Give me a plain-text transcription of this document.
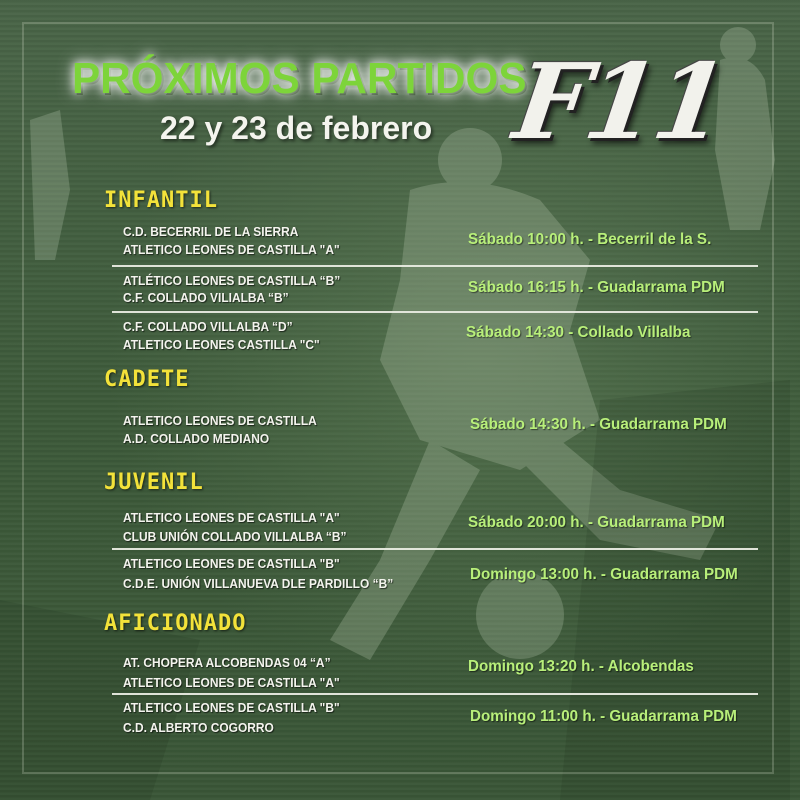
PRÓXIMOS PARTIDOS
22 y 23 de febrero F11
INFANTIL
C.D. BECERRIL DE LA SIERRA
ATLETICO LEONES DE CASTILLA "A"
Sábado 10:00 h. - Becerril de la S.
ATLÉTICO LEONES DE CASTILLA “B”
C.F. COLLADO VILIALBA “B”
Sábado 16:15 h. - Guadarrama PDM
C.F. COLLADO VILLALBA “D”
ATLETICO LEONES CASTILLA "C"
Sábado 14:30 - Collado Villalba
CADETE
ATLETICO LEONES DE CASTILLA
A.D. COLLADO MEDIANO
Sábado 14:30 h. - Guadarrama PDM
JUVENIL
ATLETICO LEONES DE CASTILLA "A"
CLUB UNIÓN COLLADO VILLALBA “B”
Sábado 20:00 h. - Guadarrama PDM
ATLETICO LEONES DE CASTILLA "B"
C.D.E. UNIÓN VILLANUEVA DLE PARDILLO “B”
Domingo 13:00 h. - Guadarrama PDM
AFICIONADO
AT. CHOPERA ALCOBENDAS 04 “A”
ATLETICO LEONES DE CASTILLA "A"
Domingo 13:20 h. - Alcobendas
ATLETICO LEONES DE CASTILLA "B"
C.D. ALBERTO COGORRO
Domingo 11:00 h. - Guadarrama PDM
